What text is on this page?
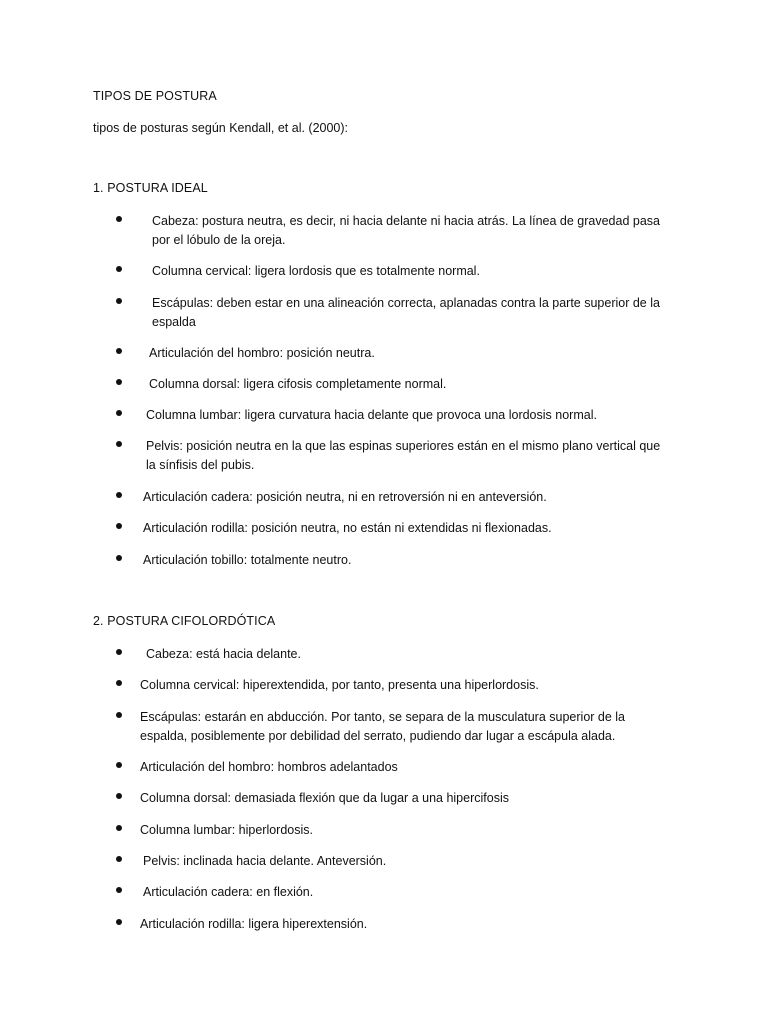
TIPOS DE POSTURA
tipos de posturas según Kendall, et al. (2000):
1. POSTURA IDEAL
Cabeza: postura neutra, es decir, ni hacia delante ni hacia atrás. La línea de gravedad pasa por el lóbulo de la oreja.
Columna cervical: ligera lordosis que es totalmente normal.
Escápulas: deben estar en una alineación correcta, aplanadas contra la parte superior de la espalda
Articulación del hombro: posición neutra.
Columna dorsal: ligera cifosis completamente normal.
Columna lumbar: ligera curvatura hacia delante que provoca una lordosis normal.
Pelvis: posición neutra en la que las espinas superiores están en el mismo plano vertical que la sínfisis del pubis.
Articulación cadera: posición neutra, ni en retroversión ni en anteversión.
Articulación rodilla: posición neutra, no están ni extendidas ni flexionadas.
Articulación tobillo: totalmente neutro.
2. POSTURA CIFOLORDÓTICA
Cabeza: está hacia delante.
Columna cervical: hiperextendida, por tanto, presenta una hiperlordosis.
Escápulas: estarán en abducción. Por tanto, se separa de la musculatura superior de la espalda, posiblemente por debilidad del serrato, pudiendo dar lugar a escápula alada.
Articulación del hombro: hombros adelantados
Columna dorsal: demasiada flexión que da lugar a una hipercifosis
Columna lumbar: hiperlordosis.
Pelvis: inclinada hacia delante. Anteversión.
Articulación cadera: en flexión.
Articulación rodilla: ligera hiperextensión.
